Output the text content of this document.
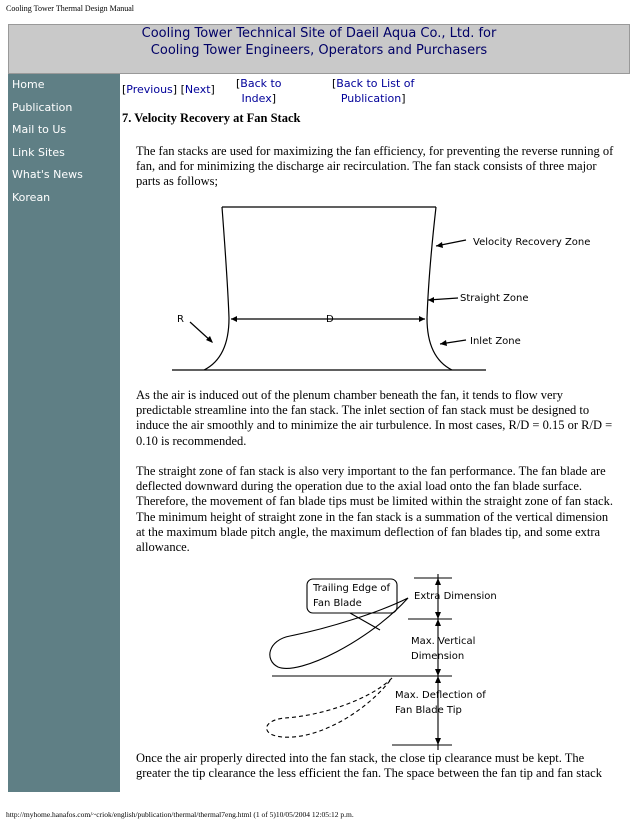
Cooling Tower Thermal Design Manual
Cooling Tower Technical Site of Daeil Aqua Co., Ltd. for
Cooling Tower Engineers, Operators and Purchasers
Home
Publication
Mail to Us
Link Sites
What's News
Korean
[Previous] [Next] [Back to
Index]
[Back to List of
Publication]
7. Velocity Recovery at Fan Stack
The fan stacks are used for maximizing the fan efficiency, for preventing the reverse running of fan, and for minimizing the discharge air recirculation. The fan stack consists of three major parts as follows;
Velocity Recovery Zone
Straight Zone
Inlet Zone
R	D
Trailing Edge of
Fan Blade
Extra Dimension
Max. Vertical
Dimension
Max. Deflection of
Fan Blade Tip
As the air is induced out of the plenum chamber beneath the fan, it tends to flow very predictable streamline into the fan stack. The inlet section of fan stack must be designed to induce the air smoothly and to minimize the air turbulence. In most cases, R/D = 0.15 or R/D = 0.10 is recommended.
The straight zone of fan stack is also very important to the fan performance. The fan blade are deflected downward during the operation due to the axial load onto the fan blade surface. Therefore, the movement of fan blade tips must be limited within the straight zone of fan stack. The minimum height of straight zone in the fan stack is a summation of the vertical dimension at the maximum blade pitch angle, the maximum deflection of fan blades tip, and some extra allowance.
Once the air properly directed into the fan stack, the close tip clearance must be kept. The greater the tip clearance the less efficient the fan. The space between the fan tip and fan stack
http://myhome.hanafos.com/~criok/english/publication/thermal/thermal7eng.html (1 of 5)10/05/2004 12:05:12 p.m.
